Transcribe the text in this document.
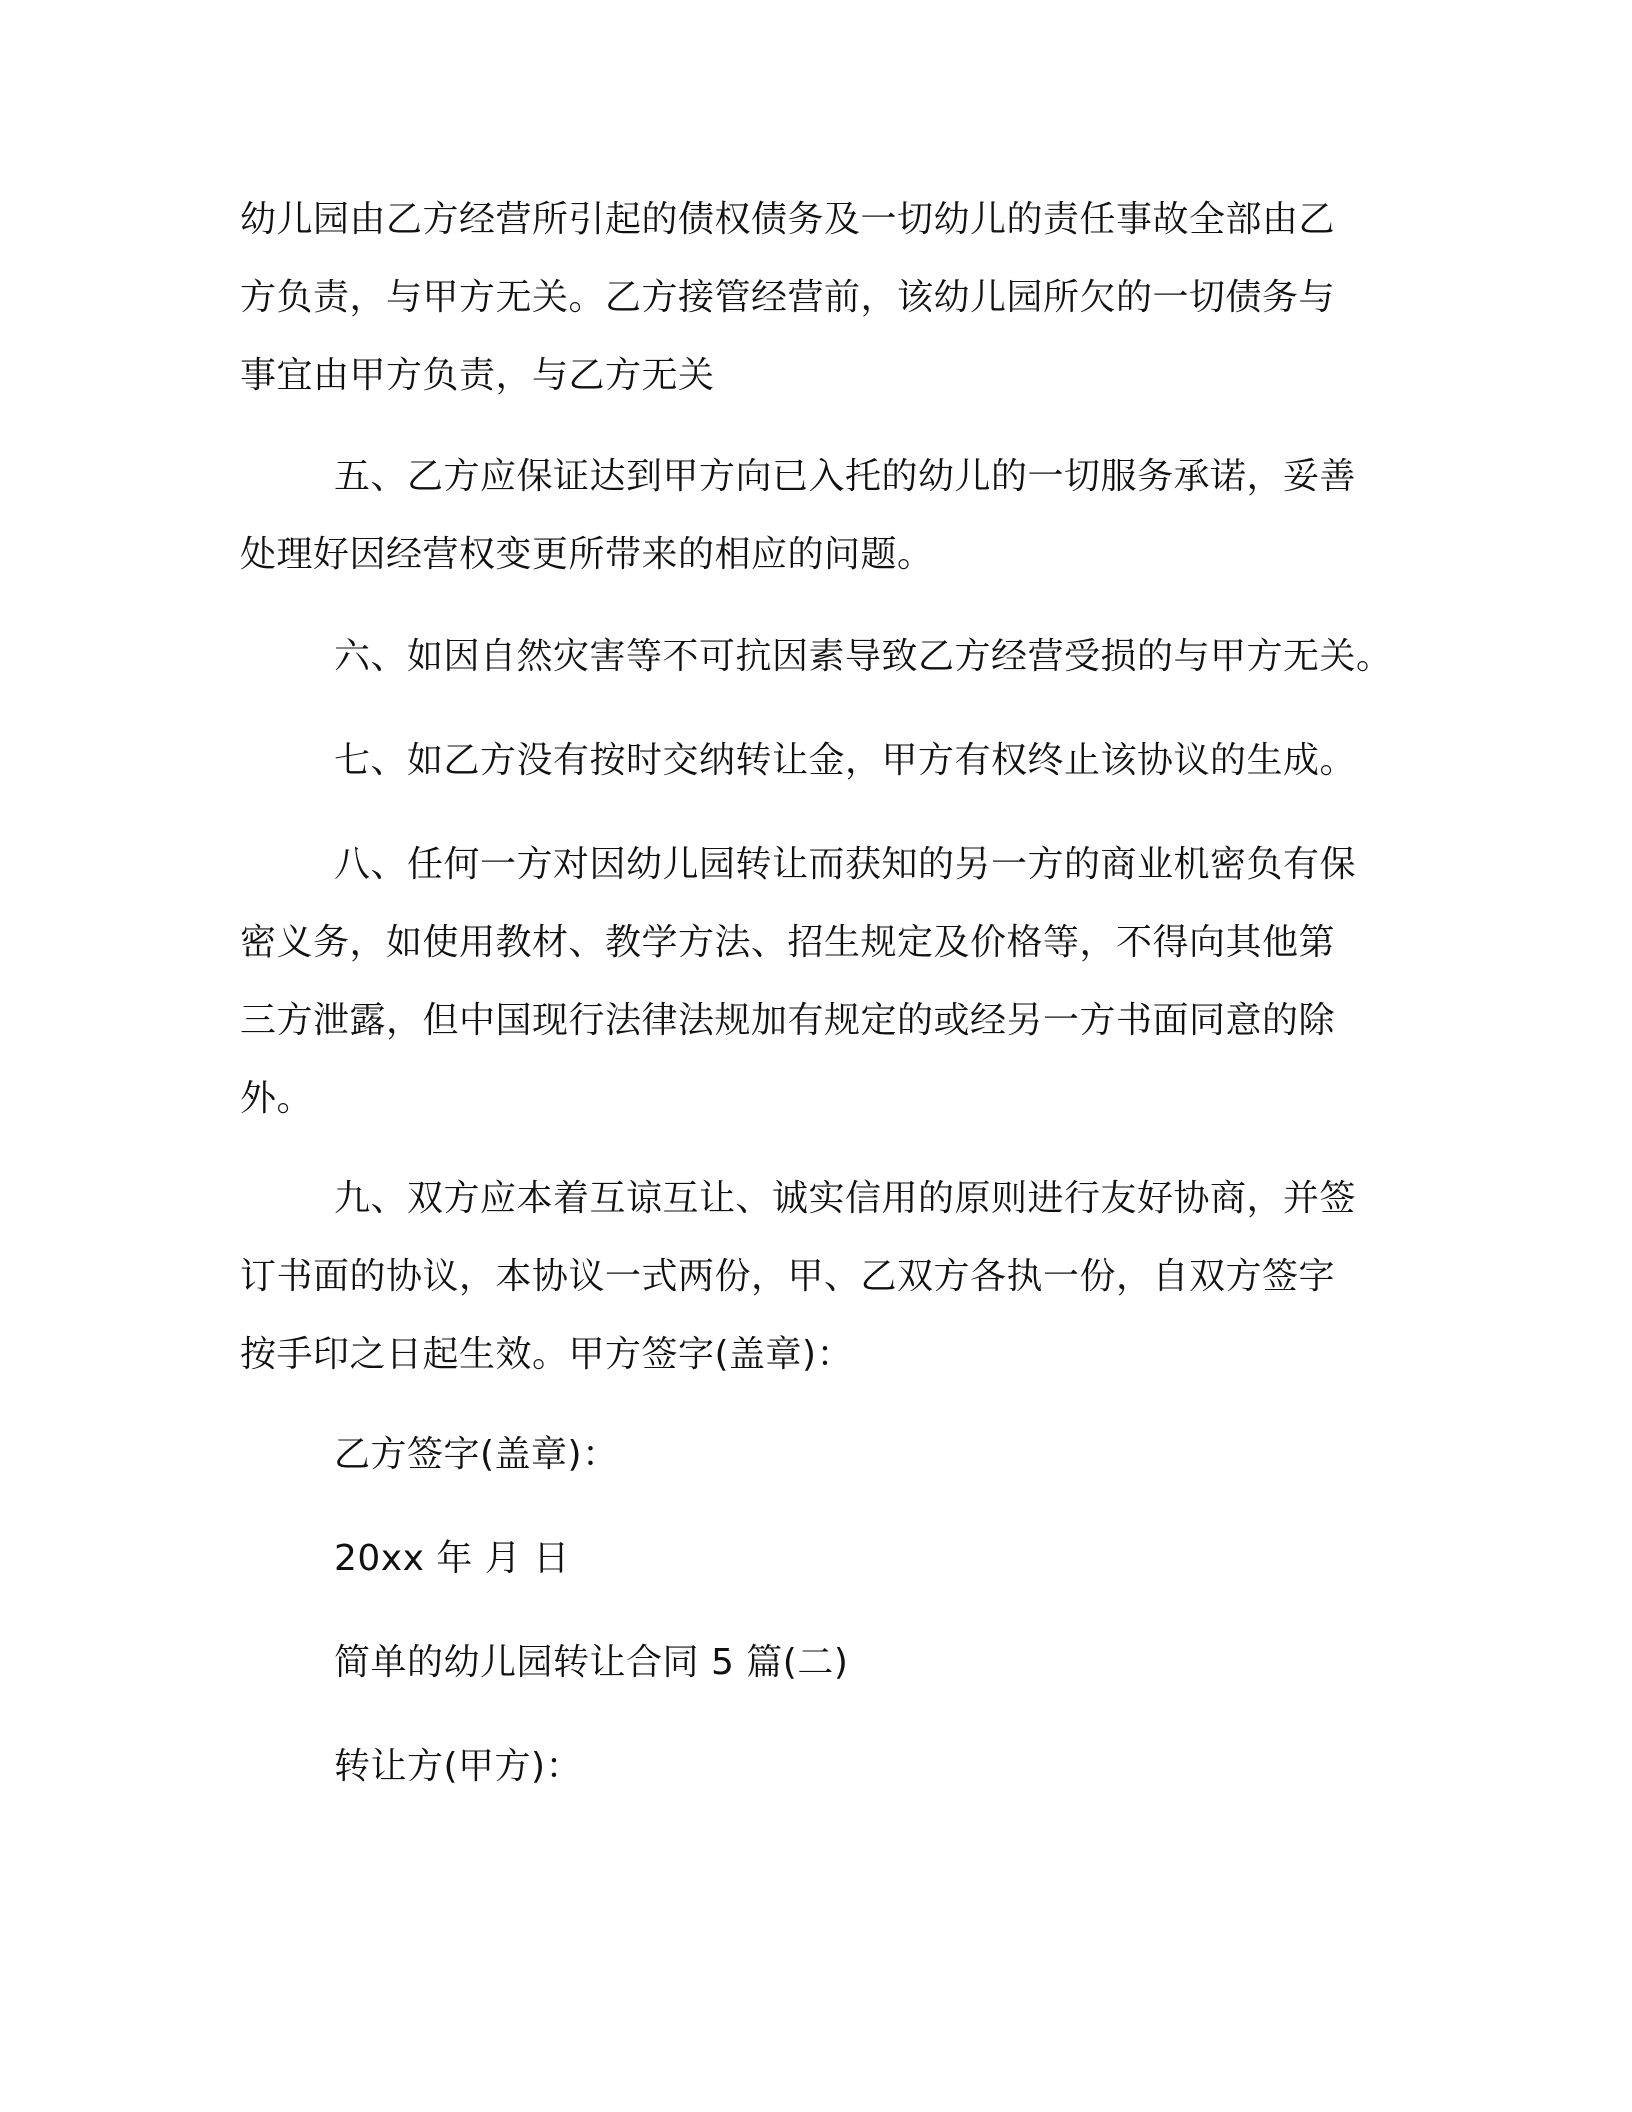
幼儿园由乙方经营所引起的债权债务及一切幼儿的责任事故全部由乙
方负责，与甲方无关。乙方接管经营前，该幼儿园所欠的一切债务与
事宜由甲方负责，与乙方无关

五、乙方应保证达到甲方向已入托的幼儿的一切服务承诺，妥善
处理好因经营权变更所带来的相应的问题。

六、如因自然灾害等不可抗因素导致乙方经营受损的与甲方无关。

七、如乙方没有按时交纳转让金，甲方有权终止该协议的生成。

八、任何一方对因幼儿园转让而获知的另一方的商业机密负有保
密义务，如使用教材、教学方法、招生规定及价格等，不得向其他第
三方泄露，但中国现行法律法规加有规定的或经另一方书面同意的除
外。

九、双方应本着互谅互让、诚实信用的原则进行友好协商，并签
订书面的协议，本协议一式两份，甲、乙双方各执一份，自双方签字
按手印之日起生效。甲方签字(盖章)：

乙方签字(盖章)：

20xx 年 月 日

简单的幼儿园转让合同 5 篇(二)

转让方(甲方)：
